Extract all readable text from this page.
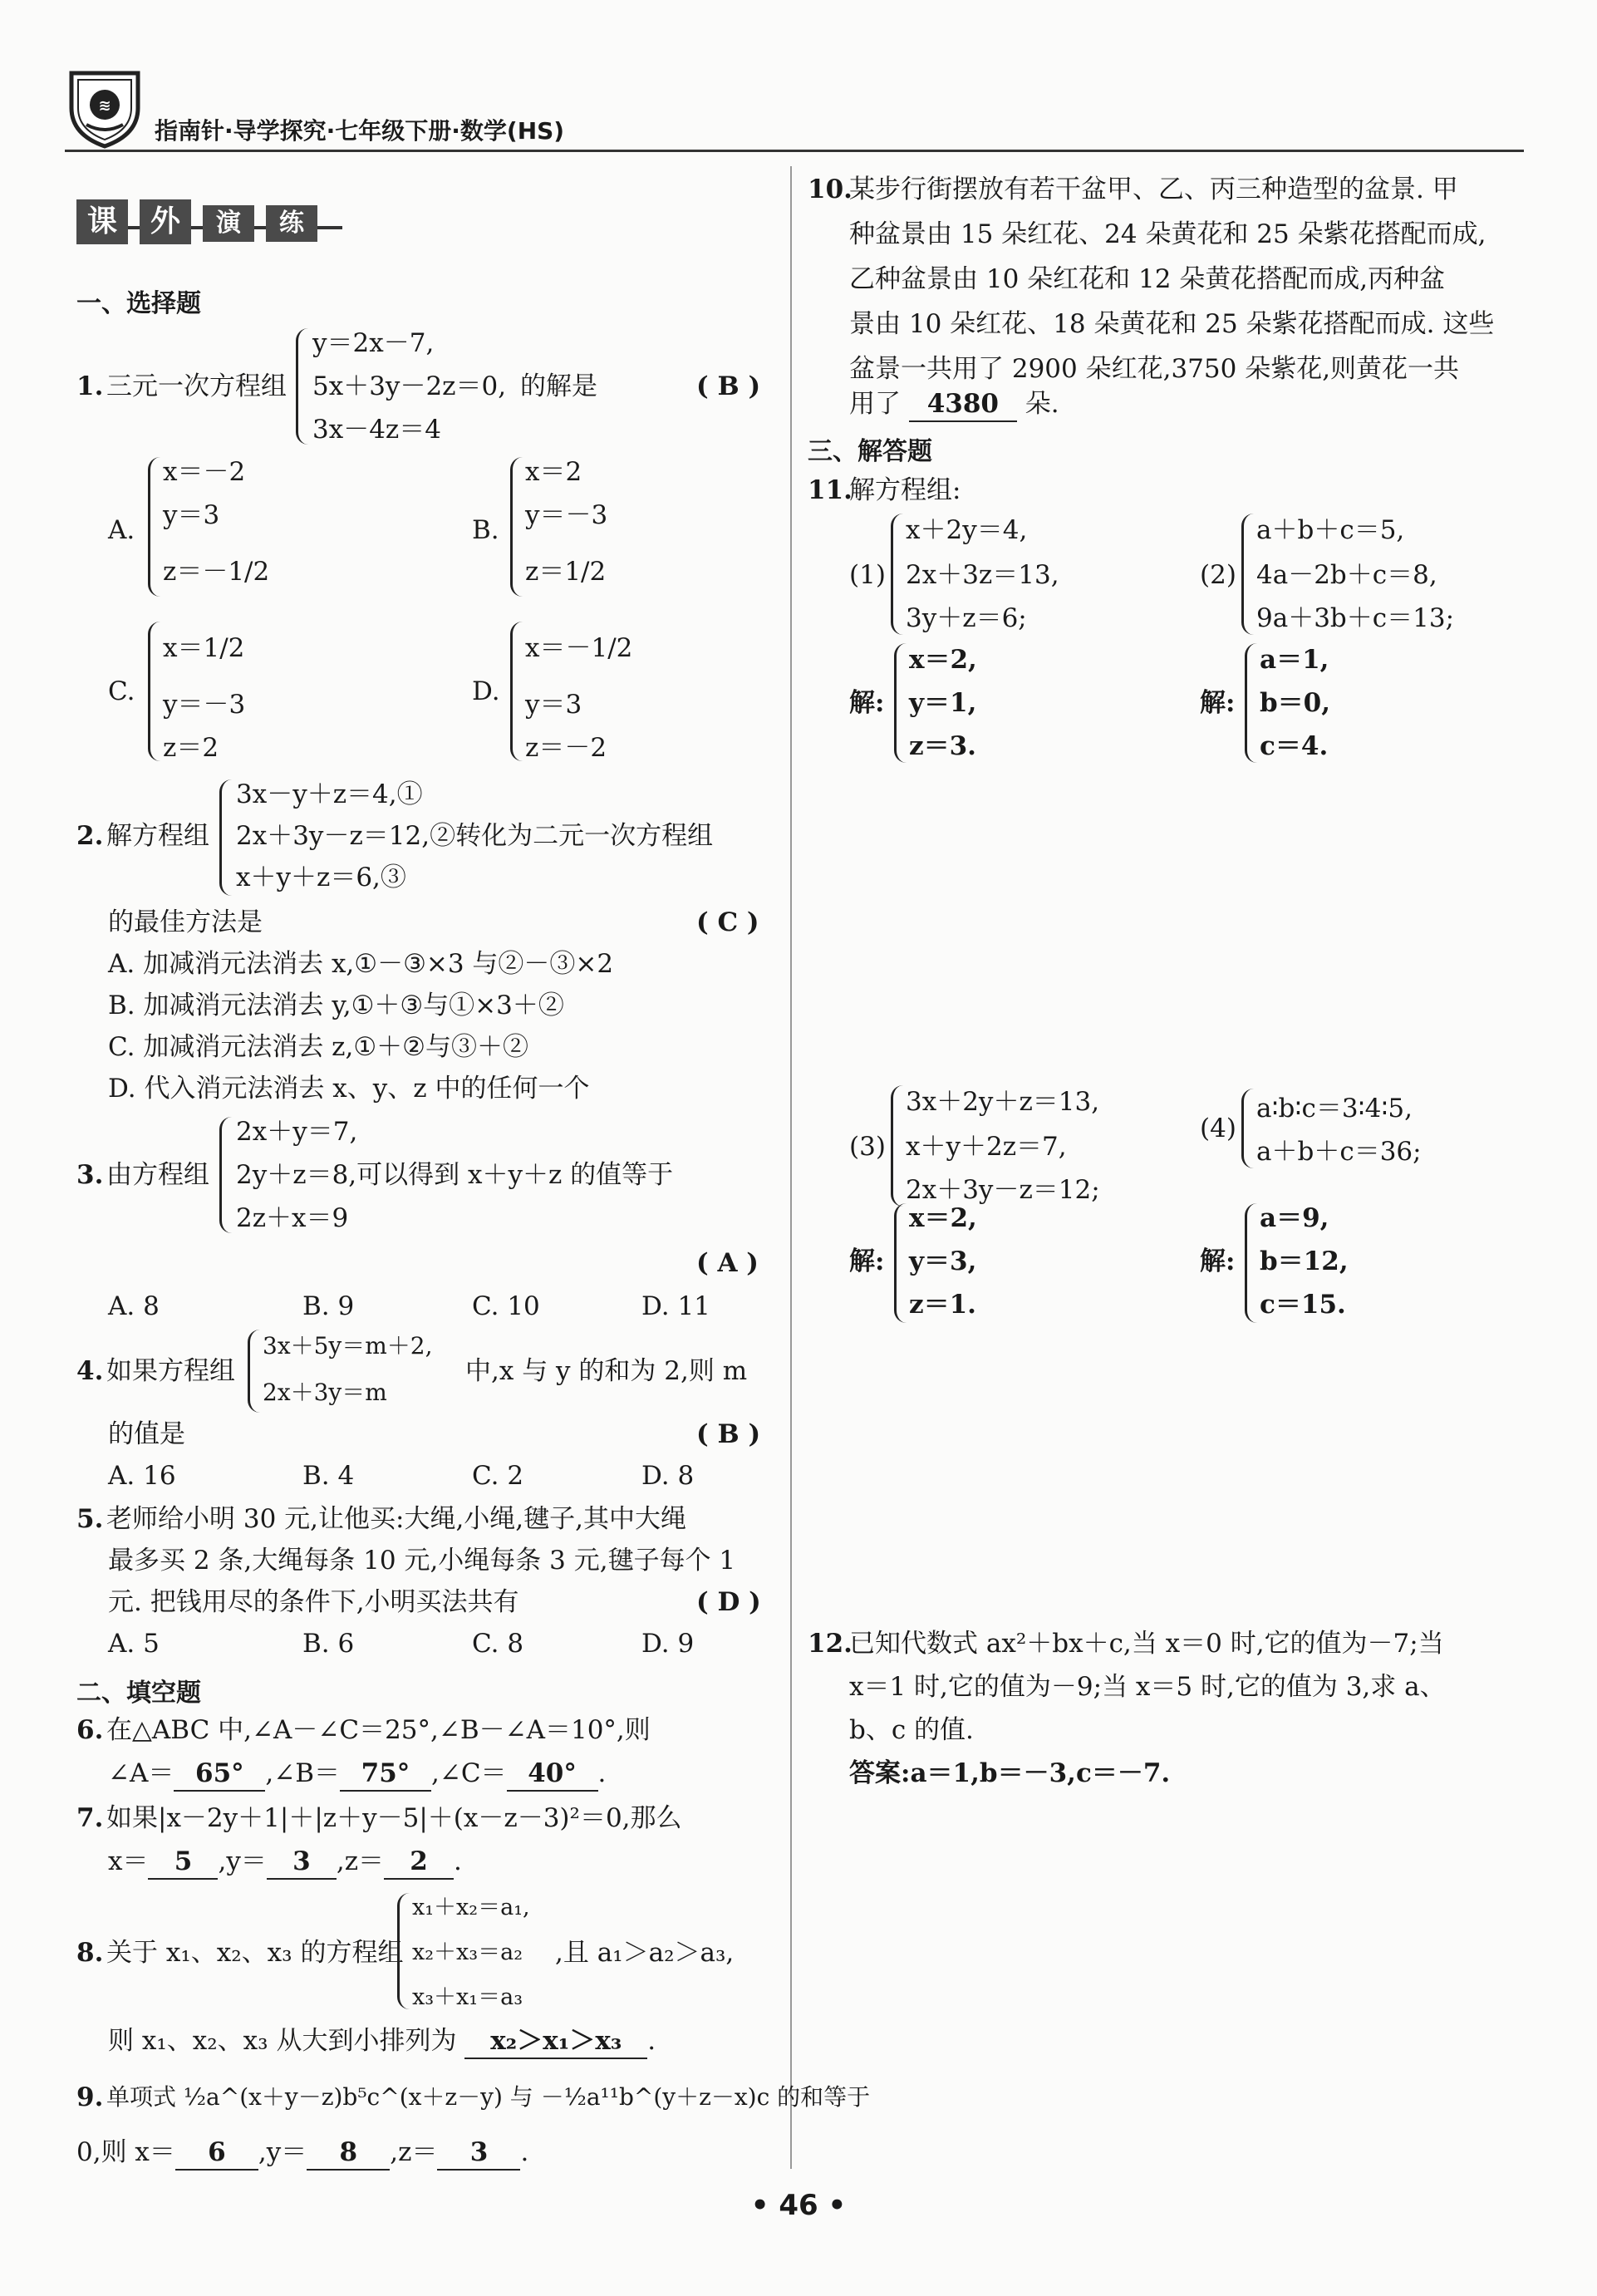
≋
指南针·导学探究·七年级下册·数学(HS)
课 外 演 练
一、选择题
1. 三元一次方程组
y＝2x－7,
5x＋3y－2z＝0,
3x－4z＝4
的解是	( B )
A.
x＝－2
y＝3
z＝－1/2
B.
x＝2
y＝－3
z＝1/2
C.
x＝1/2
y＝－3
z＝2
D.
x＝－1/2
y＝3
z＝－2
2. 解方程组
3x－y＋z＝4,①
2x＋3y－z＝12,②转化为二元一次方程组
x＋y＋z＝6,③
的最佳方法是	( C )
A. 加减消元法消去 x,①－③×3 与②－③×2
B. 加减消元法消去 y,①＋③与①×3＋②
C. 加减消元法消去 z,①＋②与③＋②
D. 代入消元法消去 x、y、z 中的任何一个
3. 由方程组
2x＋y＝7,
2y＋z＝8,可以得到 x＋y＋z 的值等于
2z＋x＝9
( A )
A. 8	B. 9	C. 10	D. 11
4. 如果方程组
3x＋5y＝m＋2,
2x＋3y＝m
中,x 与 y 的和为 2,则 m
的值是	( B )
A. 16	B. 4	C. 2	D. 8
5. 老师给小明 30 元,让他买:大绳,小绳,毽子,其中大绳
最多买 2 条,大绳每条 10 元,小绳每条 3 元,毽子每个 1
元. 把钱用尽的条件下,小明买法共有	( D )
A. 5	B. 6	C. 8	D. 9
二、填空题
6. 在△ABC 中,∠A－∠C＝25°,∠B－∠A＝10°,则
∠A＝ 65° ,∠B＝ 75° ,∠C＝ 40° .
7. 如果|x－2y＋1|＋|z＋y－5|＋(x－z－3)²＝0,那么
x＝ 5 ,y＝ 3 ,z＝ 2 .
8. 关于 x₁、x₂、x₃ 的方程组
x₁＋x₂＝a₁,
x₂＋x₃＝a₂
x₃＋x₁＝a₃
,且 a₁＞a₂＞a₃,
则 x₁、x₂、x₃ 从大到小排列为 x₂＞x₁＞x₃ .
9. 单项式 ½a^(x＋y－z)b⁵c^(x＋z－y) 与 －½a¹¹b^(y＋z－x)c 的和等于
0,则 x＝ 6 ,y＝ 8 ,z＝ 3 .
10.
某步行街摆放有若干盆甲、乙、丙三种造型的盆景. 甲
种盆景由 15 朵红花、24 朵黄花和 25 朵紫花搭配而成,
乙种盆景由 10 朵红花和 12 朵黄花搭配而成,丙种盆
景由 10 朵红花、18 朵黄花和 25 朵紫花搭配而成. 这些
盆景一共用了 2900 朵红花,3750 朵紫花,则黄花一共
用了 4380 朵.
三、解答题
11.
解方程组:
(1)
x＋2y＝4,
2x＋3z＝13,
3y＋z＝6;
解:
x＝2,
y＝1,
z＝3.
(2)
a＋b＋c＝5,
4a－2b＋c＝8,
9a＋3b＋c＝13;
解:
a＝1,
b＝0,
c＝4.
(3)
3x＋2y＋z＝13,
x＋y＋2z＝7,
2x＋3y－z＝12;
解:
x＝2,
y＝3,
z＝1.
(4)
a∶b∶c＝3∶4∶5,
a＋b＋c＝36;
解:
a＝9,
b＝12,
c＝15.
12.
已知代数式 ax²＋bx＋c,当 x＝0 时,它的值为－7;当
x＝1 时,它的值为－9;当 x＝5 时,它的值为 3,求 a、
b、c 的值.
答案:a＝1,b＝－3,c＝－7.
• 46 •
